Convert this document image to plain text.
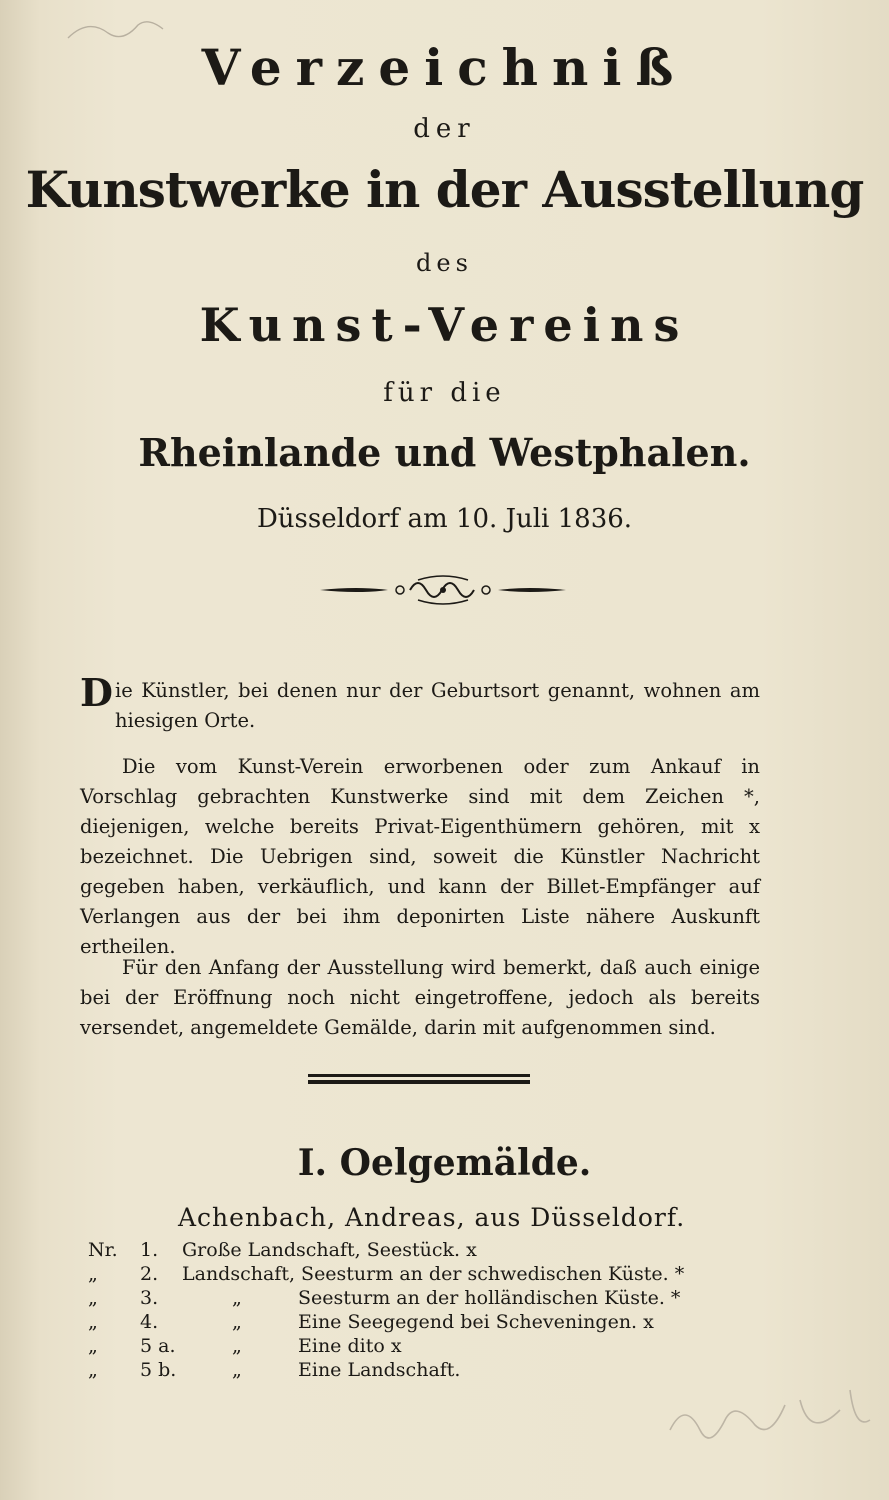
Verzeichniß
der
Kunstwerke in der Ausstellung
des
Kunst-Vereins
für die
Rheinlande und Westphalen.
Düsseldorf am 10. Juli 1836.
Die Künstler, bei denen nur der Geburtsort genannt, wohnen am hiesigen Orte.
Die vom Kunst-Verein erworbenen oder zum Ankauf in Vorschlag gebrachten Kunstwerke sind mit dem Zeichen *, diejenigen, welche bereits Privat-Eigenthümern gehören, mit x bezeichnet. Die Uebrigen sind, soweit die Künstler Nachricht gegeben haben, verkäuflich, und kann der Billet-Empfänger auf Verlangen aus der bei ihm deponirten Liste nähere Auskunft ertheilen.
Für den Anfang der Ausstellung wird bemerkt, daß auch einige bei der Eröffnung noch nicht eingetroffene, jedoch als bereits versendet, angemeldete Gemälde, darin mit aufgenommen sind.
I. Oelgemälde.
Achenbach, Andreas, aus Düsseldorf.
Nr. 1. Große Landschaft, Seestück. x
„ 2. Landschaft, Seesturm an der schwedischen Küste. *
„ 3.	„	Seesturm an der holländischen Küste. *
„ 4.	„	Eine Seegegend bei Scheveningen. x
„ 5 a.	„	Eine dito x
„ 5 b.	„	Eine Landschaft.
